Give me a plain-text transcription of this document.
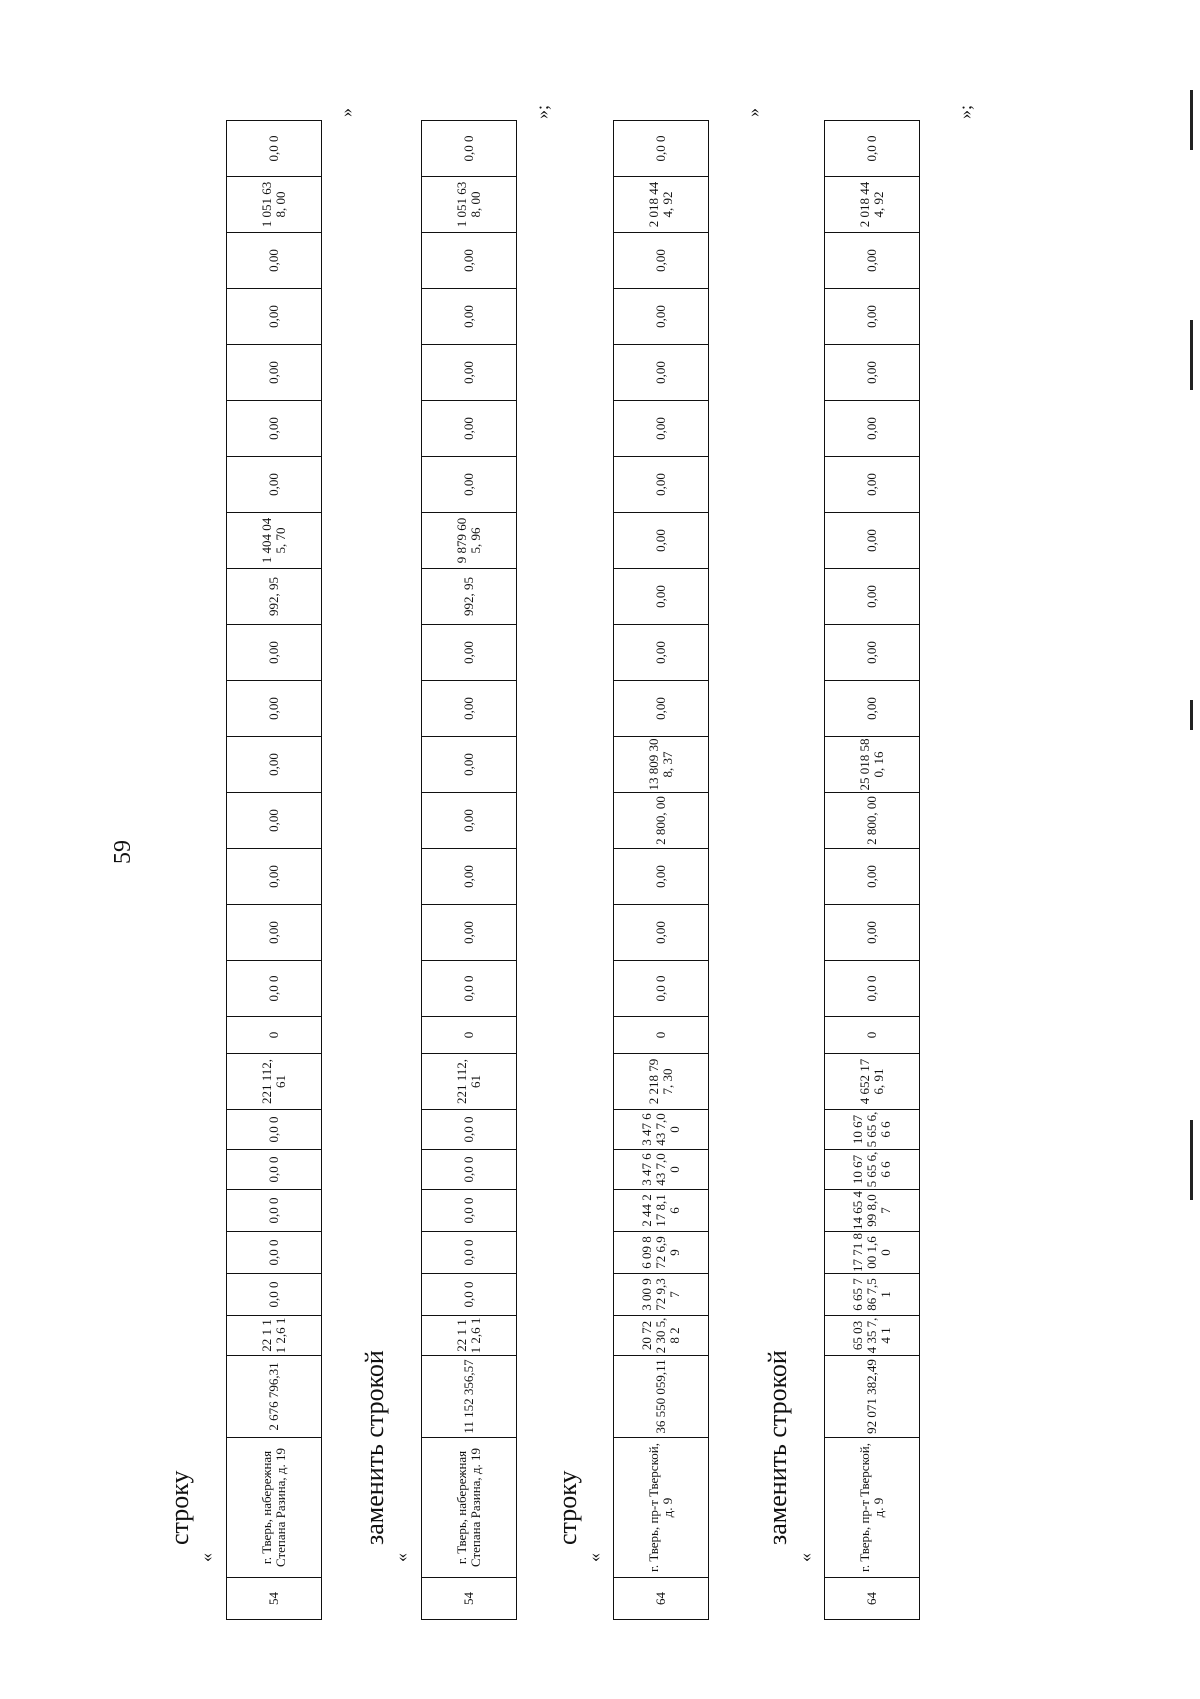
59
строку
«
»
54	г. Тверь, набережная Степана Разина, д. 19	2 676 796,31	22 1 11 2,6 1	0,0 0	0,0 0	0,0 0	0,0 0	0,0 0	221 112, 61	0	0,0 0	0,00	0,00	0,00	0,00	0,00	0,00	992, 95	1 404 045, 70	0,00	0,00	0,00	0,00	0,00	1 051 638, 00	0,0 0
заменить строкой
«
»;
54	г. Тверь, набережная Степана Разина, д. 19	11 152 356,57	22 1 11 2,6 1	0,0 0	0,0 0	0,0 0	0,0 0	0,0 0	221 112, 61	0	0,0 0	0,00	0,00	0,00	0,00	0,00	0,00	992, 95	9 879 605, 96	0,00	0,00	0,00	0,00	0,00	1 051 638, 00	0,0 0
строку
«
»
64	г. Тверь, пр-т Тверской, д. 9	36 550 059,11	20 72 2 30 5,8 2	3 00 9 72 9,3 7	6 09 8 72 6,9 9	2 44 2 17 8,1 6	3 47 6 43 7,0 0	3 47 6 43 7,0 0	2 218 797, 30	0	0,0 0	0,00	0,00	2 800, 00	13 809 308, 37	0,00	0,00	0,00	0,00	0,00	0,00	0,00	0,00	0,00	2 018 444, 92	0,0 0
заменить строкой
«
»;
64	г. Тверь, пр-т Тверской, д. 9	92 071 382,49	65 03 4 35 7,4 1	6 65 7 86 7,5 1	17 71 8 00 1,6 0	14 65 4 99 8,0 7	10 67 5 65 6,6 6	10 67 5 65 6,6 6	4 652 176, 91	0	0,0 0	0,00	0,00	2 800, 00	25 018 580, 16	0,00	0,00	0,00	0,00	0,00	0,00	0,00	0,00	0,00	2 018 444, 92	0,0 0
